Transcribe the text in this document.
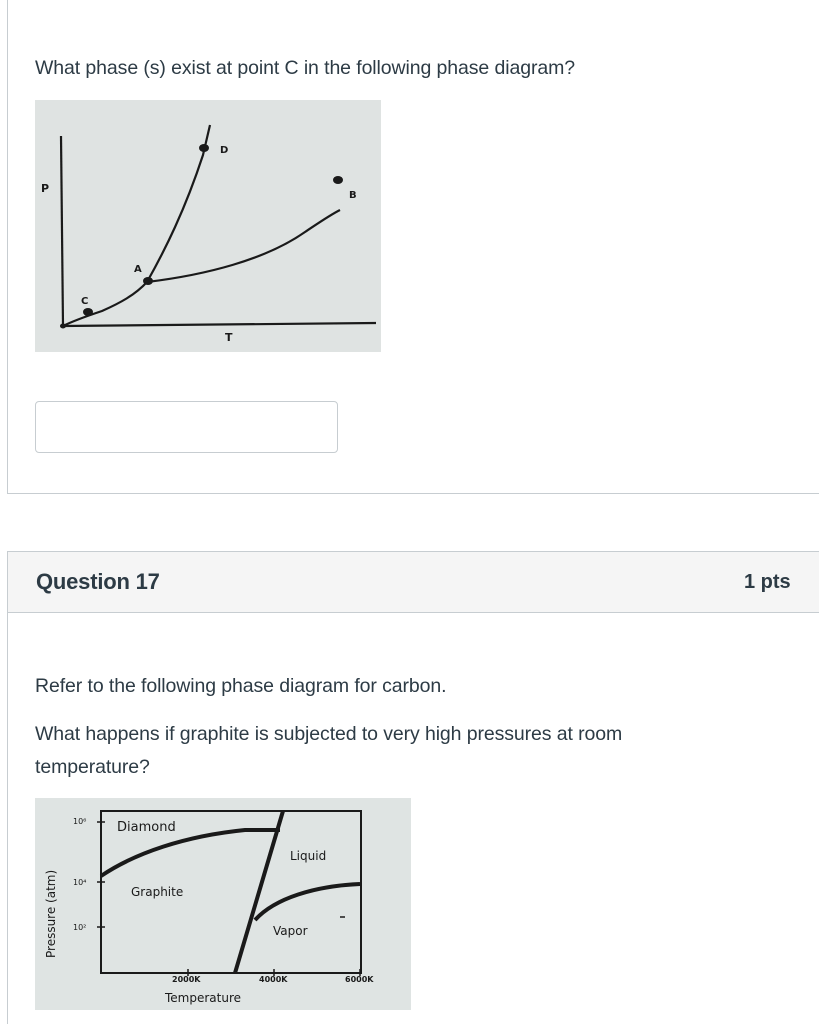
What phase (s) exist at point C in the following phase diagram?
P
T
A
B
C
D
Question 17	1 pts
Refer to the following phase diagram for carbon.
What happens if graphite is subjected to very high pressures at room
temperature?
10⁶
10⁴
10²
2000K	4000K	6000K
Temperature
Pressure (atm)
Diamond
Graphite
Liquid
Vapor
